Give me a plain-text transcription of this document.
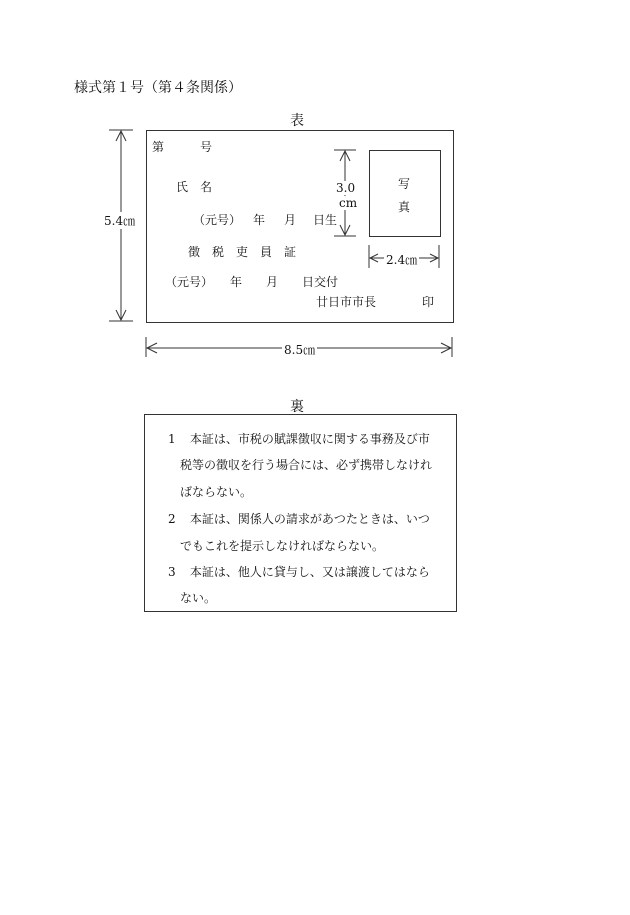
様式第１号（第４条関係）
表
第	号
氏　名
（元号） 年 月 日生
徴　税　吏　員　証
（元号） 年 月 日交付
廿日市市長	印
写
真
5.4㎝
8.5㎝
3.0
cm
2.4㎝
裏
1 本証は、市税の賦課徴収に関する事務及び市
税等の徴収を行う場合には、必ず携帯しなけれ
ばならない。
2 本証は、関係人の請求があつたときは、いつ
でもこれを提示しなければならない。
3 本証は、他人に貸与し、又は譲渡してはなら
ない。
